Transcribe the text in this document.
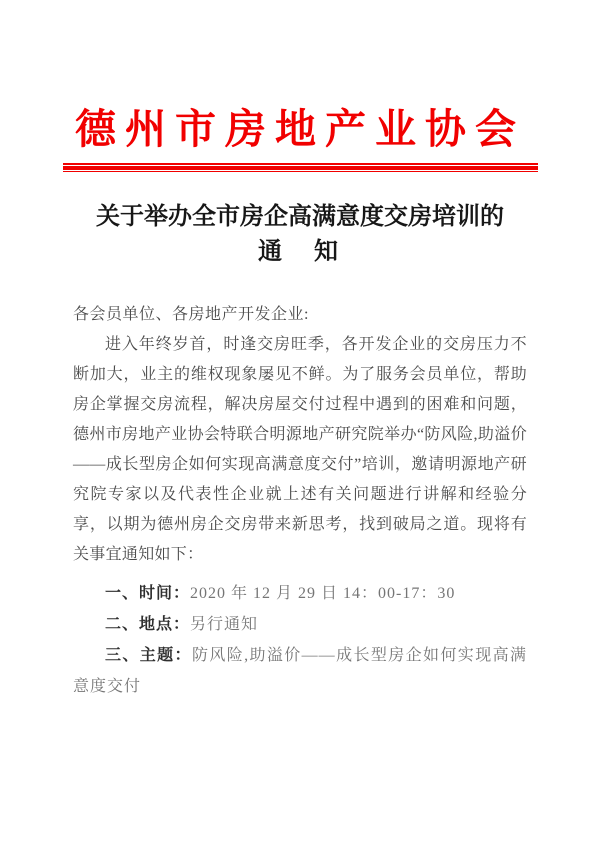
德州市房地产业协会
关于举办全市房企高满意度交房培训的
通　知

各会员单位、各房地产开发企业:

进入年终岁首，时逢交房旺季，各开发企业的交房压力不断加大，业主的维权现象屡见不鲜。为了服务会员单位，帮助房企掌握交房流程，解决房屋交付过程中遇到的困难和问题，德州市房地产业协会特联合明源地产研究院举办“防风险,助溢价——成长型房企如何实现高满意度交付”培训，邀请明源地产研究院专家以及代表性企业就上述有关问题进行讲解和经验分享，以期为德州房企交房带来新思考，找到破局之道。现将有关事宜通知如下：

一、时间：2020 年 12 月 29 日 14：00-17：30
二、地点：另行通知
三、主题：防风险,助溢价——成长型房企如何实现高满意度交付
